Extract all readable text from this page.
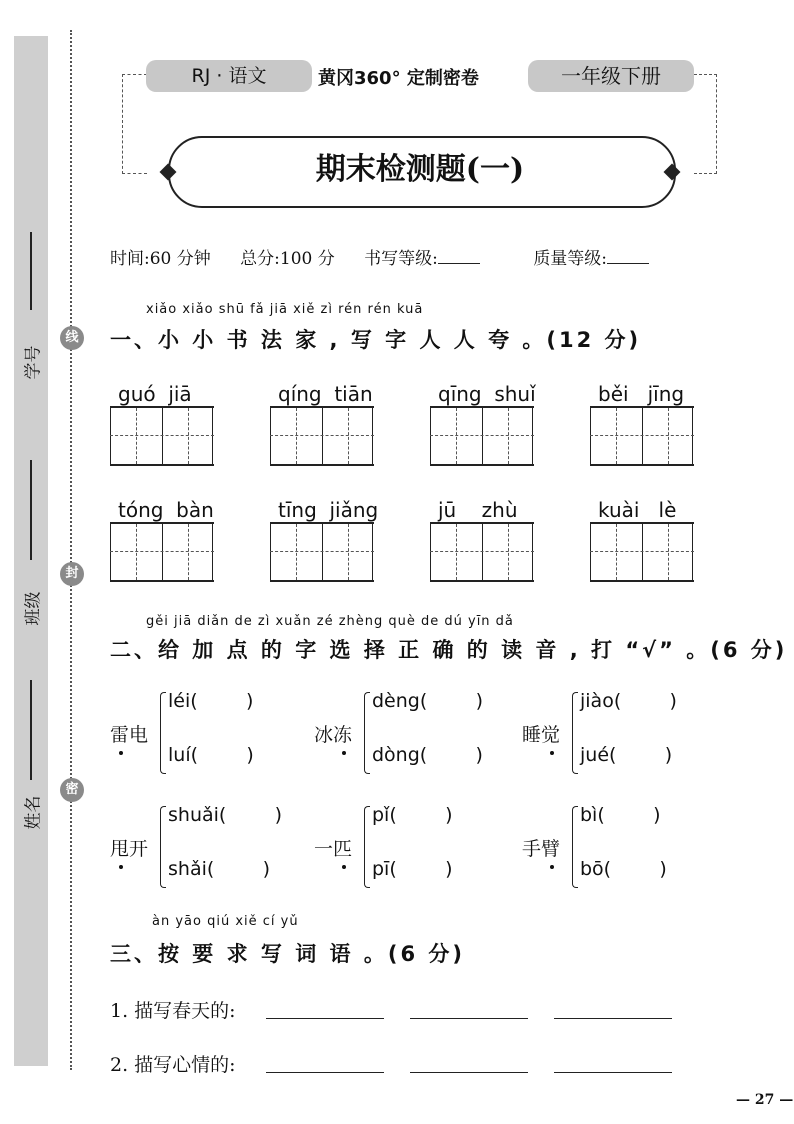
学号
班级
姓名
线
封
密
RJ · 语文	黄冈360° 定制密卷	一年级下册
期末检测题(一)
时间:60 分钟 总分:100 分 书写等级:	质量等级:
xiǎo xiǎo shū fǎ jiā xiě zì rén rén kuā
一、小 小 书 法 家 , 写 字 人 人 夸 。(12 分)
guó  jiā	qíng  tiān	qīng  shuǐ	běi   jīng
tóng  bàn	tīng  jiǎng	jū    zhù	kuài   lè
gěi jiā diǎn de zì xuǎn zé zhèng què de dú yīn dǎ
二、给 加 点 的 字 选 择 正 确 的 读 音 , 打 “√” 。(6 分)
雷电
léi(        )
luí(        )
冰冻
dèng(        )
dòng(        )
睡觉
jiào(        )
jué(        )
甩开
shuǎi(        )
shǎi(        )
一匹
pǐ(        )
pī(        )
手臂
bì(        )
bō(        )
àn yāo qiú xiě cí yǔ
三、按 要 求 写 词 语 。(6 分)
1. 描写春天的:
2. 描写心情的:
— 27 —
